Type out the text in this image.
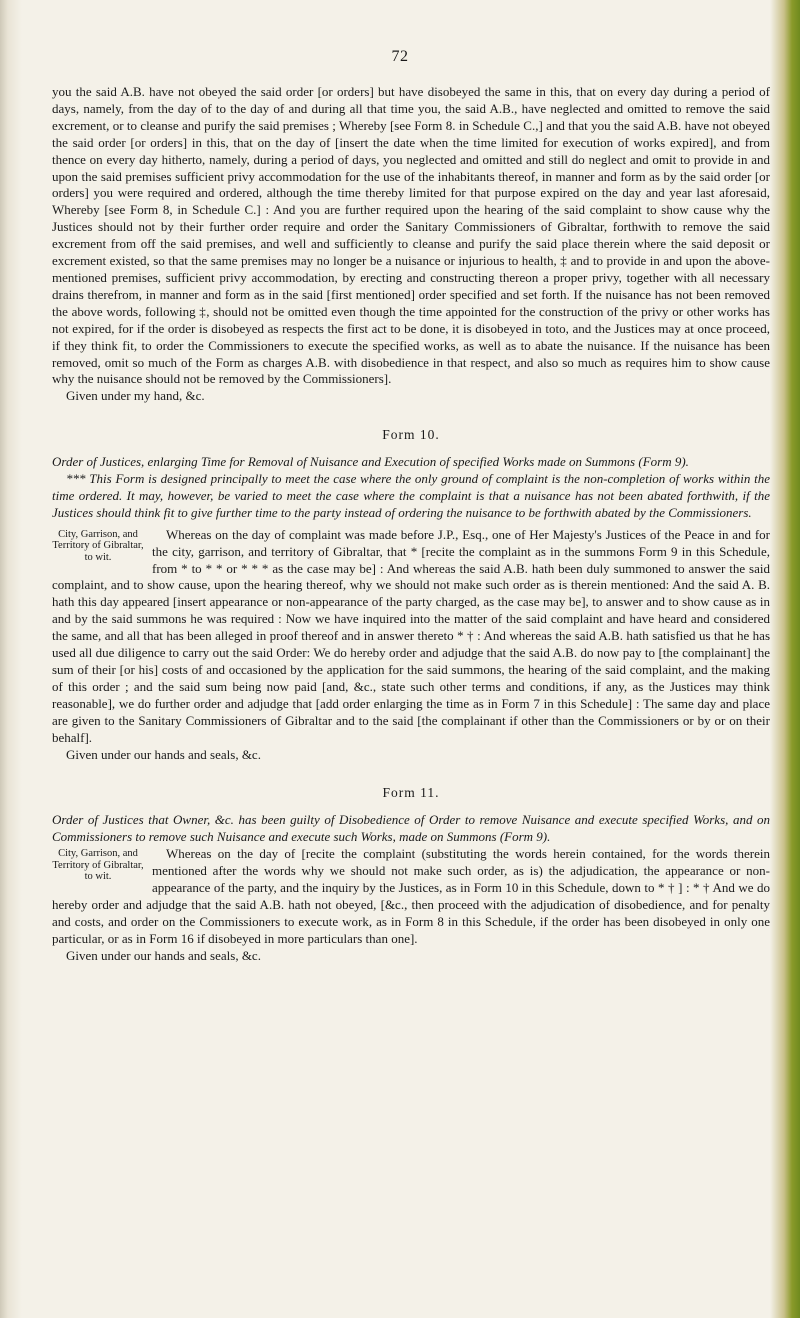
72

you the said A.B. have not obeyed the said order [or orders] but have disobeyed the same in this, that on every day during a period of days, namely, from the day of to the day of and during all that time you, the said A.B., have neglected and omitted to remove the said excrement, or to cleanse and purify the said premises ; Whereby [see Form 8. in Schedule C.,] and that you the said A.B. have not obeyed the said order [or orders] in this, that on the day of [insert the date when the time limited for execution of works expired], and from thence on every day hitherto, namely, during a period of days, you neglected and omitted and still do neglect and omit to provide in and upon the said premises sufficient privy accommodation for the use of the inhabitants thereof, in manner and form as by the said order [or orders] you were required and ordered, although the time thereby limited for that purpose expired on the day and year last aforesaid, Whereby [see Form 8, in Schedule C.] : And you are further required upon the hearing of the said complaint to show cause why the Justices should not by their further order require and order the Sanitary Commissioners of Gibraltar, forthwith to remove the said excrement from off the said premises, and well and sufficiently to cleanse and purify the said place therein where the said deposit or excrement existed, so that the same premises may no longer be a nuisance or injurious to health, ‡ and to provide in and upon the above-mentioned premises, sufficient privy accommodation, by erecting and constructing thereon a proper privy, together with all necessary drains therefrom, in manner and form as in the said [first mentioned] order specified and set forth. If the nuisance has not been removed the above words, following ‡, should not be omitted even though the time appointed for the construction of the privy or other works has not expired, for if the order is disobeyed as respects the first act to be done, it is disobeyed in toto, and the Justices may at once proceed, if they think fit, to order the Commissioners to execute the specified works, as well as to abate the nuisance. If the nuisance has been removed, omit so much of the Form as charges A.B. with disobedience in that respect, and also so much as requires him to show cause why the nuisance should not be removed by the Commissioners].

Given under my hand, &c.

Form 10.

Order of Justices, enlarging Time for Removal of Nuisance and Execution of specified Works made on Summons (Form 9).

*** This Form is designed principally to meet the case where the only ground of complaint is the non-completion of works within the time ordered. It may, however, be varied to meet the case where the complaint is that a nuisance has not been abated forthwith, if the Justices should think fit to give further time to the party instead of ordering the nuisance to be forthwith abated by the Commissioners.

City, Garrison, and Territory of Gibraltar, to wit.

Whereas on the day of complaint was made before J.P., Esq., one of Her Majesty's Justices of the Peace in and for the city, garrison, and territory of Gibraltar, that * [recite the complaint as in the summons Form 9 in this Schedule, from * to * * or * * * as the case may be] : And whereas the said A.B. hath been duly summoned to answer the said complaint, and to show cause, upon the hearing thereof, why we should not make such order as is therein mentioned: And the said A. B. hath this day appeared [insert appearance or non-appearance of the party charged, as the case may be], to answer and to show cause as in and by the said summons he was required : Now we have inquired into the matter of the said complaint and have heard and considered the same, and all that has been alleged in proof thereof and in answer thereto * † : And whereas the said A.B. hath satisfied us that he has used all due diligence to carry out the said Order: We do hereby order and adjudge that the said A.B. do now pay to [the complainant] the sum of their [or his] costs of and occasioned by the application for the said summons, the hearing of the said complaint, and the making of this order ; and the said sum being now paid [and, &c., state such other terms and conditions, if any, as the Justices may think reasonable], we do further order and adjudge that [add order enlarging the time as in Form 7 in this Schedule] : The same day and place are given to the Sanitary Commissioners of Gibraltar and to the said [the complainant if other than the Commissioners or by or on their behalf].

Given under our hands and seals, &c.

Form 11.

Order of Justices that Owner, &c. has been guilty of Disobedience of Order to remove Nuisance and execute specified Works, and on Commissioners to remove such Nuisance and execute such Works, made on Summons (Form 9).

City, Garrison, and Territory of Gibraltar, to wit.

Whereas on the day of [recite the complaint (substituting the words herein contained, for the words therein mentioned after the words why we should not make such order, as is) the adjudication, the appearance or non-appearance of the party, and the inquiry by the Justices, as in Form 10 in this Schedule, down to * † ] : * † And we do hereby order and adjudge that the said A.B. hath not obeyed, [&c., then proceed with the adjudication of disobedience, and for penalty and costs, and order on the Commissioners to execute work, as in Form 8 in this Schedule, if the order has been disobeyed in only one particular, or as in Form 16 if disobeyed in more particulars than one].

Given under our hands and seals, &c.
